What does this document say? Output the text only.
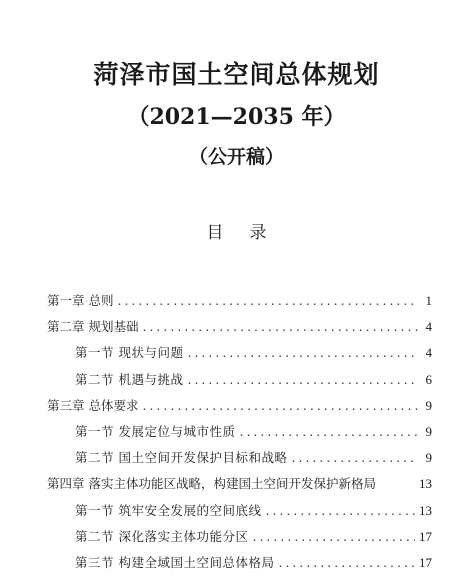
菏泽市国土空间总体规划
（2021—2035 年）
（公开稿）
目录
第一章 总则 .....	1
第二章 规划基础 .....	4
第一节 现状与问题 .....	4
第二节 机遇与挑战 .....	6
第三章 总体要求 .....	9
第一节 发展定位与城市性质 .....	9
第二节 国土空间开发保护目标和战略 .....	9
第四章 落实主体功能区战略，构建国土空间开发保护新格局	13
第一节 筑牢安全发展的空间底线 .....	13
第二节 深化落实主体功能分区 .....	17
第三节 构建全域国土空间总体格局 .....	17
